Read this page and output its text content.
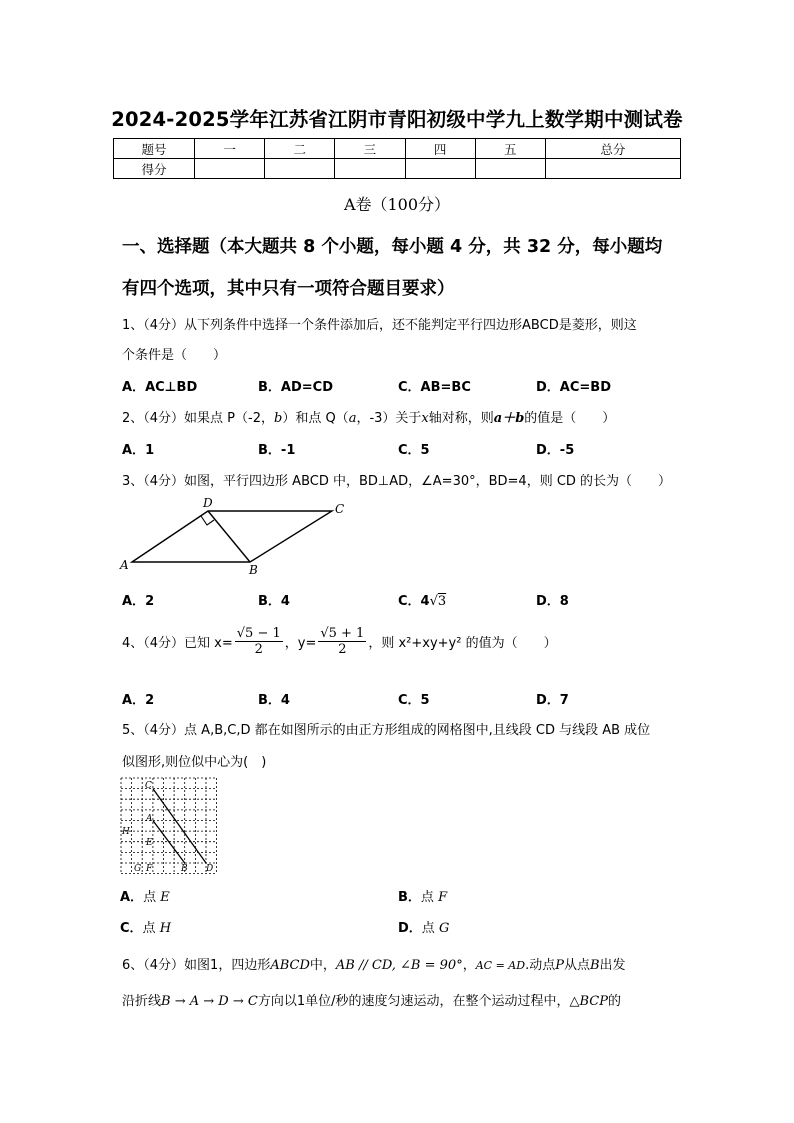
2024-2025学年江苏省江阴市青阳初级中学九上数学期中测试卷
题号	一	二	三	四	五	总分
得分						
A卷（100分）
一、选择题（本大题共 8 个小题，每小题 4 分，共 32 分，每小题均
有四个选项，其中只有一项符合题目要求）
1、（4分）从下列条件中选择一个条件添加后，还不能判定平行四边形ABCD是菱形，则这
个条件是（　　）
A．AC⊥BD	B．AD=CD	C．AB=BC	D．AC=BD
2、（4分）如果点 P（-2，b）和点 Q（a，-3）关于x轴对称，则a＋b的值是（　　）
A．1	B．-1	C．5	D．-5
3、（4分）如图，平行四边形 ABCD 中，BD⊥AD，∠A=30°，BD=4，则 CD 的长为（　　）
A
D	C
B
A．2	B．4	C．4√3	D．8
4、（4分）已知 $x= \frac{√5 - 1}{2}$ ，$y= \frac{√5 + 1}{2}$ ，则 x²+xy+y² 的值为（　　）
A．2	B．4	C．5	D．7
5、（4分）点 A,B,C,D 都在如图所示的由正方形组成的网格图中,且线段 CD 与线段 AB 成位
似图形,则位似中心为(　)
C
A
H
E
G F	B D
A．点 E	B．点 F
C．点 H	D．点 G
6、（4分）如图1，四边形ABCD中，AB // CD, ∠B = 90°，AC = AD.动点P从点B出发
沿折线B → A → D → C方向以1单位/秒的速度匀速运动，在整个运动过程中，△BCP的
